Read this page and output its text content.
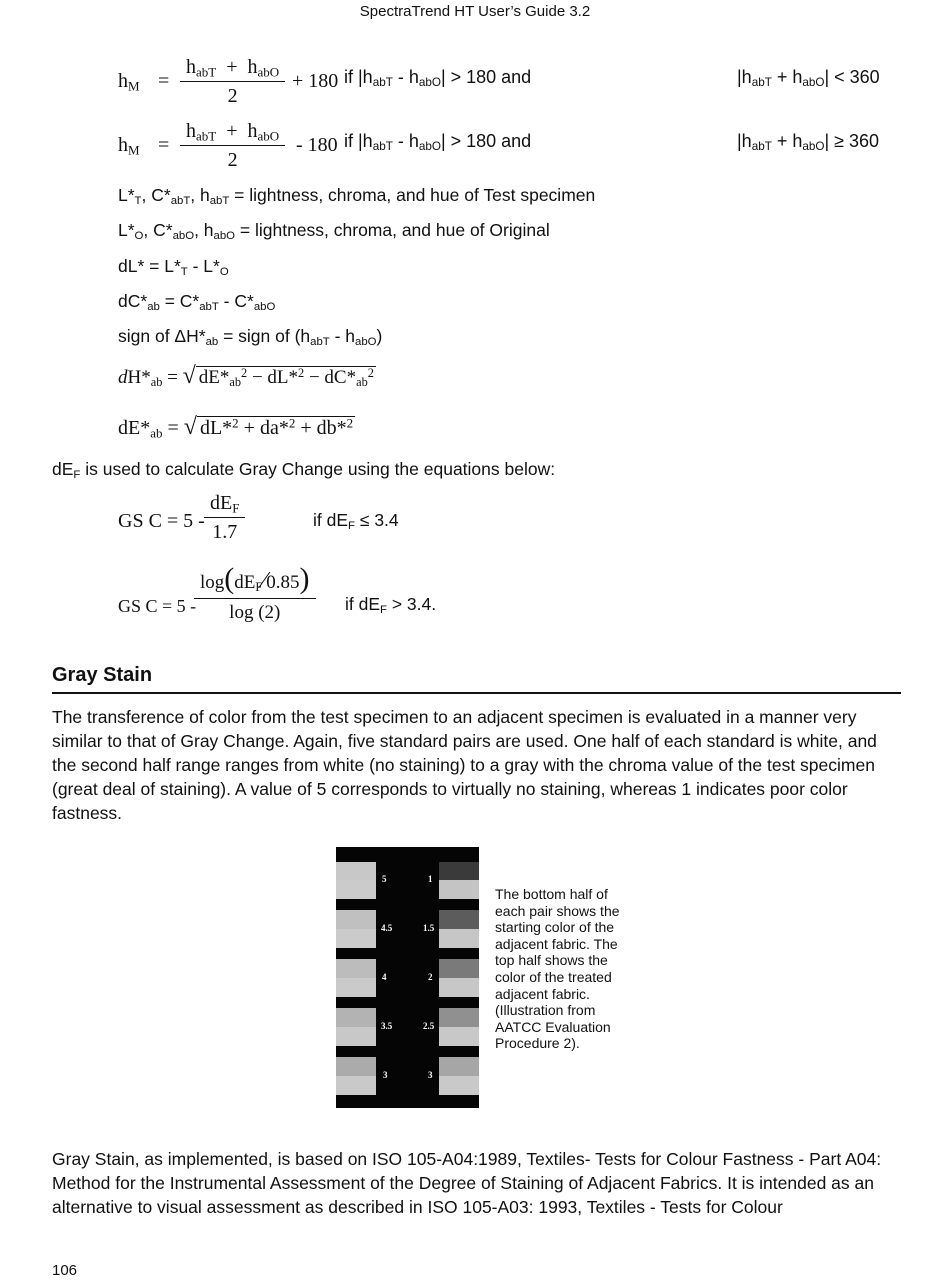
SpectraTrend HT User’s Guide 3.2
$h_M$ =
$h_{abT} + h_{abO}$
2
+ 180 if $|h_{abT} - h_{abO}| > 180$ and	$|h_{abT} + h_{abO}| < 360$
$h_M$ =
$h_{abT} + h_{abO}$
2
- 180 if $|h_{abT} - h_{abO}| > 180$ and	$|h_{abT} + h_{abO}| \ge 360$
$L*_T$, $C*_{abT}$, $h_{abT}$ = lightness, chroma, and hue of Test specimen
$L*_O$, $C*_{abO}$, $h_{abO}$ = lightness, chroma, and hue of Original
$dL* = L*_T - L*_O$
$dC*_{ab} = C*_{abT} - C*_{abO}$
sign of $\Delta H*_{ab}$ = sign of $(h_{abT} - h_{abO})$
$dH*_{ab}$ = √ $dE*_{ab}^2 - dL*^2 - dC*_{ab}^2$
$dE*_{ab}$ = √ dL*$^2$ + da*$^2$ + db*$^2$
$dE_F$ is used to calculate Gray Change using the equations below:
GS C = 5 -
$dE_F$
1.7
if $dE_F \le 3.4$
GS C = 5 -
$\log(dE_F⁄0.85)$
log (2)	if $dE_F > 3.4$.
Gray Stain
The transference of color from the test specimen to an adjacent specimen is evaluated in a manner very similar to that of Gray Change. Again, five standard pairs are used. One half of each standard is white, and the second half range ranges from white (no staining) to a gray with the chroma value of the test specimen (great deal of staining). A value of 5 corresponds to virtually no staining, whereas 1 indicates poor color fastness.
5
4.5
4
3.5
3
1
1.5
2
2.5
3
The bottom half of each pair shows the starting color of the adjacent fabric. The top half shows the color of the treated adjacent fabric. (Illustration from AATCC Evaluation Procedure 2).
Gray Stain, as implemented, is based on ISO 105-A04:1989, Textiles- Tests for Colour Fastness - Part A04: Method for the Instrumental Assessment of the Degree of Staining of Adjacent Fabrics. It is intended as an alternative to visual assessment as described in ISO 105-A03: 1993, Textiles - Tests for Colour
106
